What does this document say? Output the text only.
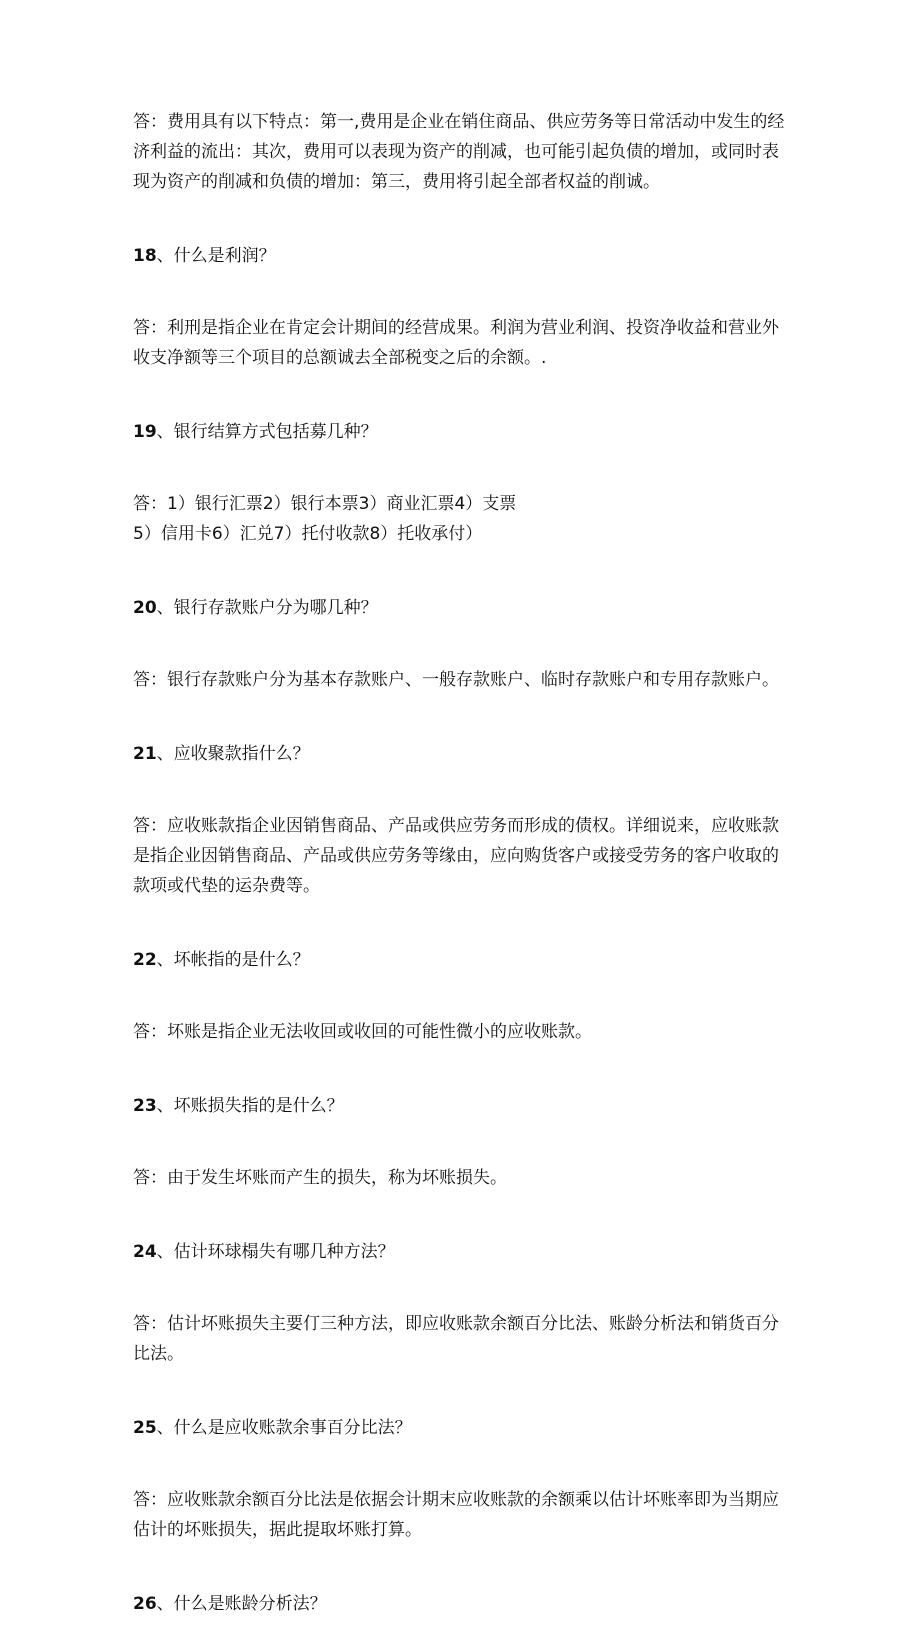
答：费用具有以下特点：第一,费用是企业在销住商品、供应劳务等日常活动中发生的经
济利益的流出：其次，费用可以表现为资产的削减，也可能引起负债的增加，或同时表
现为资产的削减和负债的增加：第三，费用将引起全部者权益的削诚。

18、什么是利润？

答：利刑是指企业在肯定会计期间的经营成果。利润为营业利润、投资净收益和营业外
收支净额等三个项目的总额诚去全部税变之后的余额。.

19、银行结算方式包括募几种？

答：1）银行汇票2）银行本票3）商业汇票4）支票
5）信用卡6）汇兑7）托付收款8）托收承付）

20、银行存款账户分为哪几种？

答：银行存款账户分为基本存款账户、一般存款账户、临时存款账户和专用存款账户。

21、应收聚款指什么？

答：应收账款指企业因销售商品、产品或供应劳务而形成的债权。详细说来，应收账款
是指企业因销售商品、产品或供应劳务等缘由，应向购货客户或接受劳务的客户收取的
款项或代垫的运杂费等。

22、坏帐指的是什么？

答：坏账是指企业无法收回或收回的可能性微小的应收账款。

23、坏账损失指的是什么？

答：由于发生坏账而产生的损失，称为坏账损失。

24、估计环球榻失有哪几种方法？

答：估计坏账损失主要仃三种方法，即应收账款余额百分比法、账龄分析法和销货百分
比法。

25、什么是应收账款余事百分比法？

答：应收账款余额百分比法是依据会计期末应收账款的余额乘以估计坏账率即为当期应
估计的坏账损失，据此提取坏账打算。

26、什么是账龄分析法？
